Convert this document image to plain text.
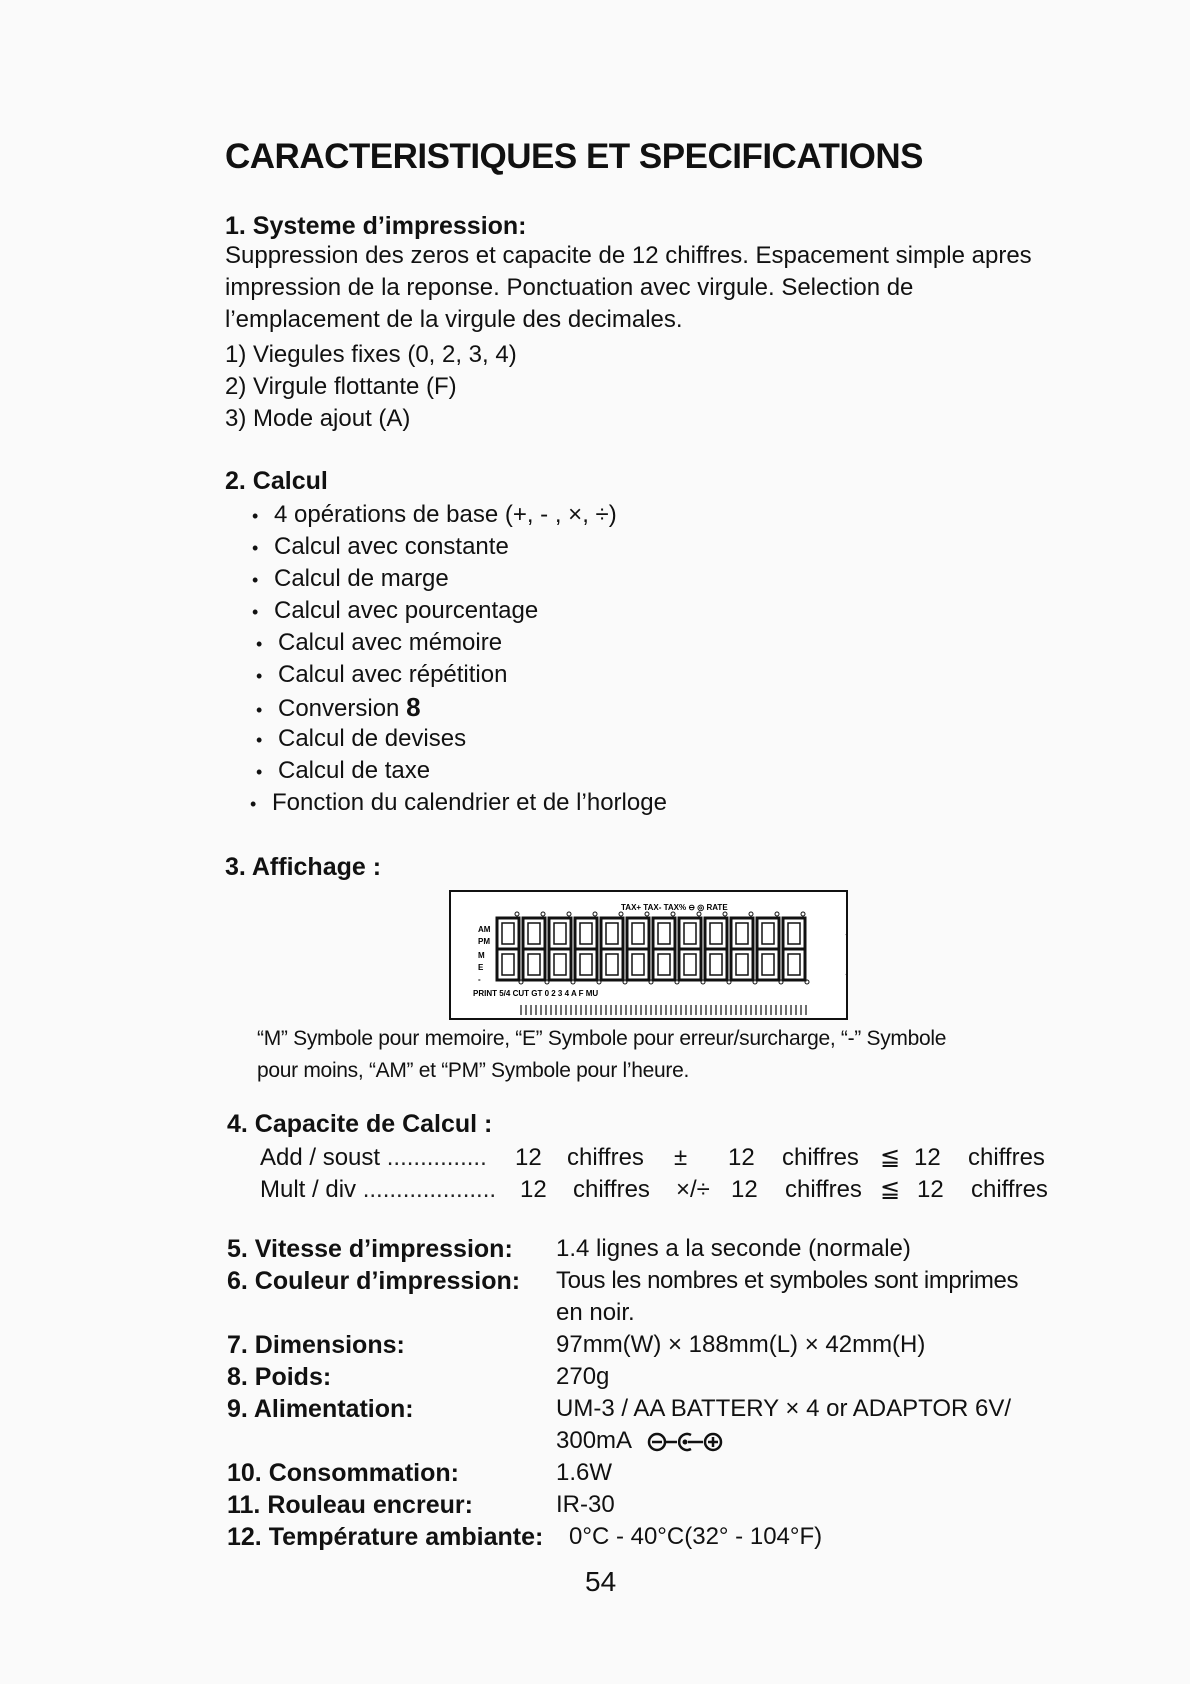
CARACTERISTIQUES ET SPECIFICATIONS
1. Systeme d’impression:
Suppression des zeros et capacite de 12 chiffres. Espacement simple apres impression de la reponse. Ponctuation avec virgule. Selection de l’emplacement de la virgule des decimales.
1) Viegules fixes (0, 2, 3, 4)
2) Virgule flottante (F)
3) Mode ajout (A)
2. Calcul
• 4 opérations de base (+, - , ×, ÷)
• Calcul avec constante
• Calcul de marge
• Calcul avec pourcentage
• Calcul avec mémoire
• Calcul avec répétition
• Conversion 8
• Calcul de devises
• Calcul de taxe
• Fonction du calendrier et de l’horloge
3. Affichage :
TAX+ TAX- TAX% ⊖ ◎ RATE
AM
PM
M
E
-
PRINT 5/4 CUT GT 0 2 3 4 A F MU
“M” Symbole pour memoire, “E” Symbole pour erreur/surcharge, “-” Symbole
pour moins, “AM” et “PM” Symbole pour l’heure.
4. Capacite de Calcul :
Add / soust ............... 12 chiffres ± 12 chiffres ≦ 12 chiffres
Mult / div .................... 12 chiffres ×/÷ 12 chiffres ≦ 12 chiffres
5. Vitesse d’impression: 1.4 lignes a la seconde (normale)
6. Couleur d’impression: Tous les nombres et symboles sont imprimes
en noir.
7. Dimensions:	97mm(W) × 188mm(L) × 42mm(H)
8. Poids:	270g
9. Alimentation:	UM-3 / AA BATTERY × 4 or ADAPTOR 6V/
300mA
10. Consommation:	1.6W
11. Rouleau encreur:	IR-30
12. Température ambiante: 0°C - 40°C(32° - 104°F)
54
